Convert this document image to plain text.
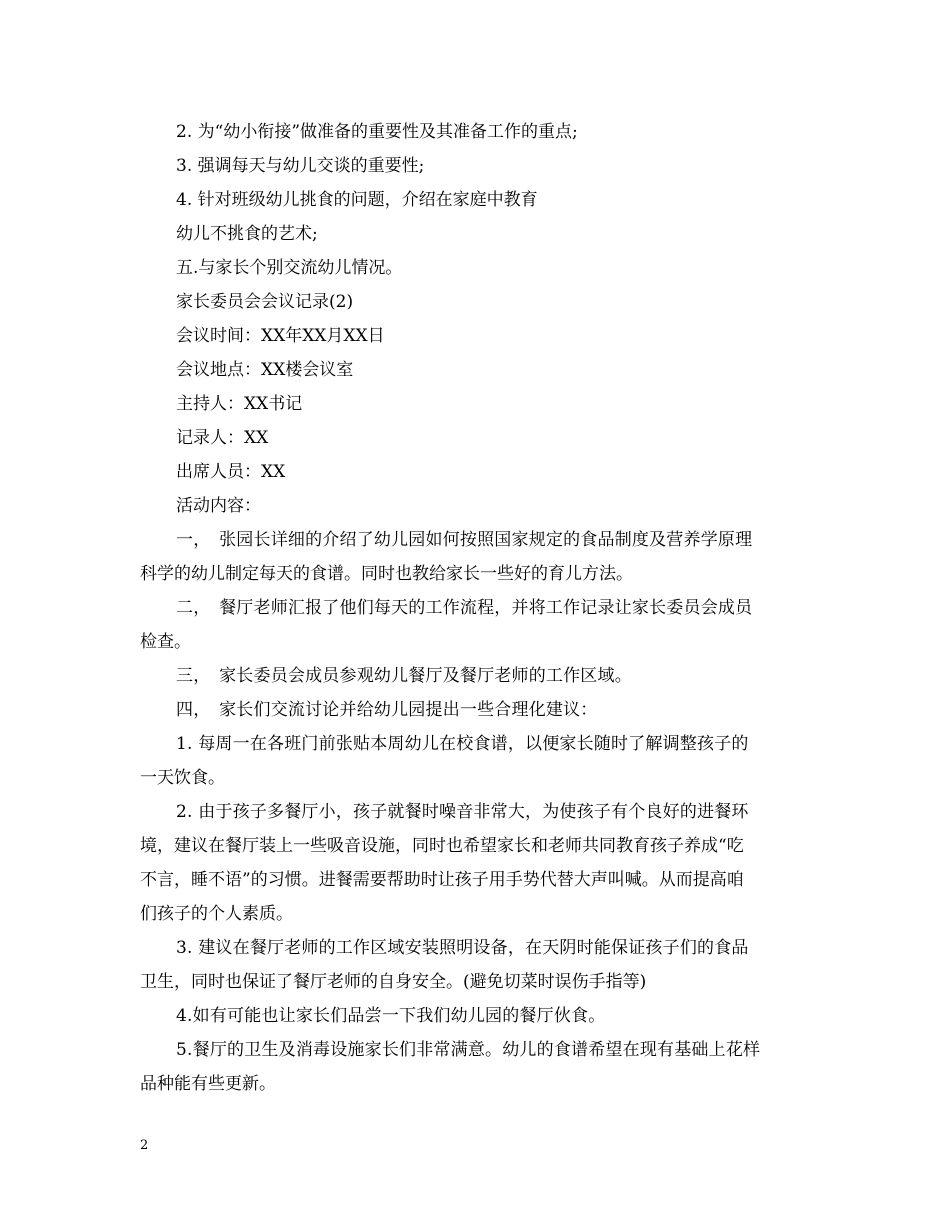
2. 为“幼小衔接”做准备的重要性及其准备工作的重点;
3. 强调每天与幼儿交谈的重要性;
4. 针对班级幼儿挑食的问题，介绍在家庭中教育
幼儿不挑食的艺术;
五.与家长个别交流幼儿情况。
家长委员会会议记录(2)
会议时间：XX年XX月XX日
会议地点：XX楼会议室
主持人：XX书记
记录人：XX
出席人员：XX
活动内容：
一，　张园长详细的介绍了幼儿园如何按照国家规定的食品制度及营养学原理
科学的幼儿制定每天的食谱。同时也教给家长一些好的育儿方法。
二，　餐厅老师汇报了他们每天的工作流程，并将工作记录让家长委员会成员
检查。
三，　家长委员会成员参观幼儿餐厅及餐厅老师的工作区域。
四，　家长们交流讨论并给幼儿园提出一些合理化建议：
1. 每周一在各班门前张贴本周幼儿在校食谱，以便家长随时了解调整孩子的
一天饮食。
2. 由于孩子多餐厅小，孩子就餐时噪音非常大，为使孩子有个良好的进餐环
境，建议在餐厅装上一些吸音设施，同时也希望家长和老师共同教育孩子养成“吃
不言，睡不语”的习惯。进餐需要帮助时让孩子用手势代替大声叫喊。从而提高咱
们孩子的个人素质。
3. 建议在餐厅老师的工作区域安装照明设备，在天阴时能保证孩子们的食品
卫生，同时也保证了餐厅老师的自身安全。(避免切菜时误伤手指等)
4.如有可能也让家长们品尝一下我们幼儿园的餐厅伙食。
5.餐厅的卫生及消毒设施家长们非常满意。幼儿的食谱希望在现有基础上花样
品种能有些更新。
2
